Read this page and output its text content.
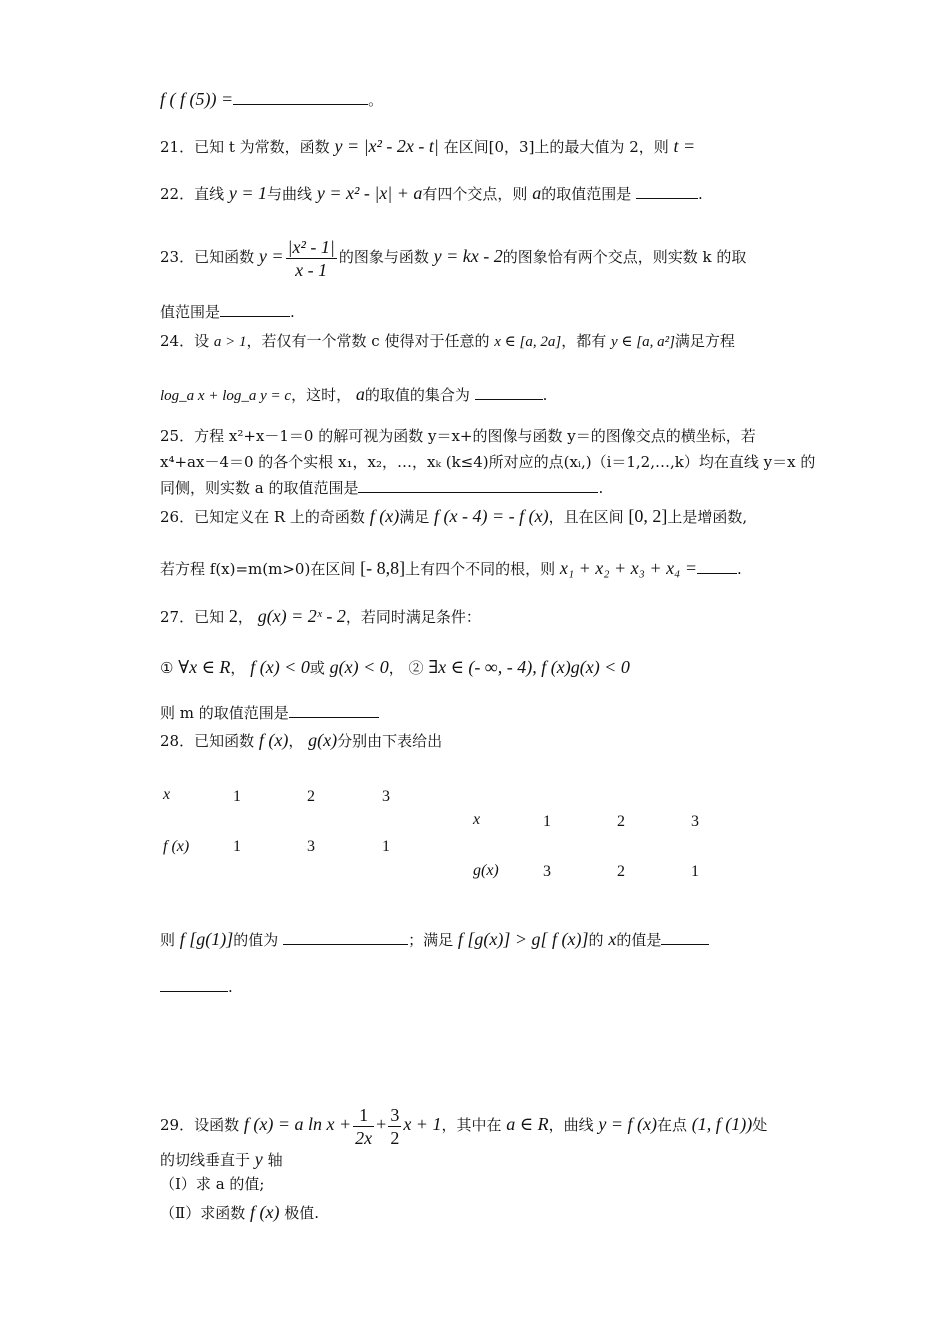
f ( f (5)) =	。
21．已知 t 为常数，函数 y = |x² - 2x - t| 在区间[0，3]上的最大值为 2，则 t =
22．直线 y = 1与曲线 y = x² - |x| + a有四个交点，则 a的取值范围是	.
23．已知函数 $y = \frac{\text{|x² - 1|}}{x - 1}$ 的图象与函数 y = kx - 2的图象恰有两个交点，则实数 k 的取
值范围是	.
24．设 a > 1，若仅有一个常数 c 使得对于任意的 x ∈ [a, 2a]，都有 y ∈ [a, a²]满足方程
log_a x + log_a y = c，这时， a的取值的集合为	.
25．方程 x²+x－1＝0 的解可视为函数 y＝x+的图像与函数 y＝的图像交点的横坐标，若
x⁴+ax－4＝0 的各个实根 x₁，x₂，…，xₖ (k≤4)所对应的点(xᵢ,)（i＝1,2,…,k）均在直线 y＝x 的
同侧，则实数 a 的取值范围是	.
26．已知定义在 R 上的奇函数 f (x)满足 f (x - 4) = - f (x)，且在区间 [0, 2]上是增函数,
若方程 f(x)=m(m>0)在区间 [- 8,8]上有四个不同的根，则 x₁ + x₂ + x₃ + x₄ =	.
27．已知 2， g(x) = 2ˣ - 2，若同时满足条件：
① ∀x ∈ R， f (x) < 0或 g(x) < 0， ② ∃x ∈ (- ∞, - 4), f (x)g(x) < 0
则 m 的取值范围是
28．已知函数 f (x)， g(x)分别由下表给出
x	1	2	3
f (x)	1	3	1
x	1	2	3
g(x)	3	2	1
则 f [g(1)]的值为	；满足 f [g(x)] > g[ f (x)]的 x的值是
.
29．设函数 f (x) = a $\ln x + \frac{1}{2x} + \frac{3}{2}$ x + 1，其中在 a ∈ R，曲线 y = f (x)在点 (1, f (1))处
的切线垂直于 y 轴
（Ⅰ）求 a 的值;
（Ⅱ）求函数 f (x) 极值.
